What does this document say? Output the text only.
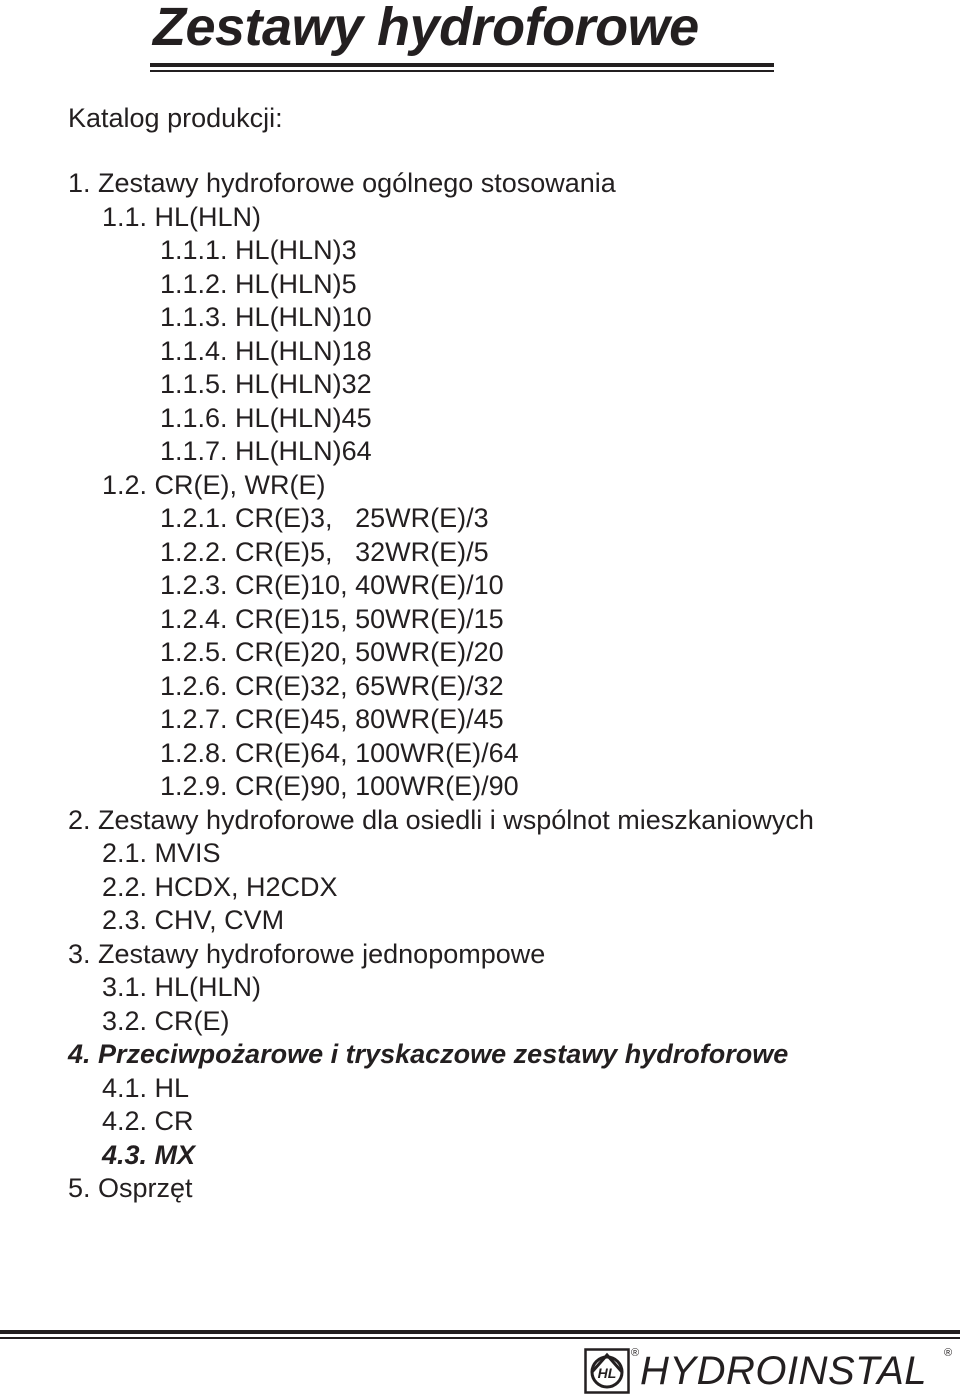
Zestawy hydroforowe
Katalog produkcji:
1. Zestawy hydroforowe ogólnego stosowania
1.1. HL(HLN)
1.1.1. HL(HLN)3
1.1.2. HL(HLN)5
1.1.3. HL(HLN)10
1.1.4. HL(HLN)18
1.1.5. HL(HLN)32
1.1.6. HL(HLN)45
1.1.7. HL(HLN)64
1.2. CR(E), WR(E)
1.2.1. CR(E)3,   25WR(E)/3
1.2.2. CR(E)5,   32WR(E)/5
1.2.3. CR(E)10, 40WR(E)/10
1.2.4. CR(E)15, 50WR(E)/15
1.2.5. CR(E)20, 50WR(E)/20
1.2.6. CR(E)32, 65WR(E)/32
1.2.7. CR(E)45, 80WR(E)/45
1.2.8. CR(E)64, 100WR(E)/64
1.2.9. CR(E)90, 100WR(E)/90
2. Zestawy hydroforowe dla osiedli i wspólnot mieszkaniowych
2.1. MVIS
2.2. HCDX, H2CDX
2.3. CHV, CVM
3. Zestawy hydroforowe jednopompowe
3.1. HL(HLN)
3.2. CR(E)
4. Przeciwpożarowe i tryskaczowe zestawy hydroforowe
4.1. HL
4.2. CR
4.3. MX
5. Osprzęt
HL
® HYDROINSTAL ®
